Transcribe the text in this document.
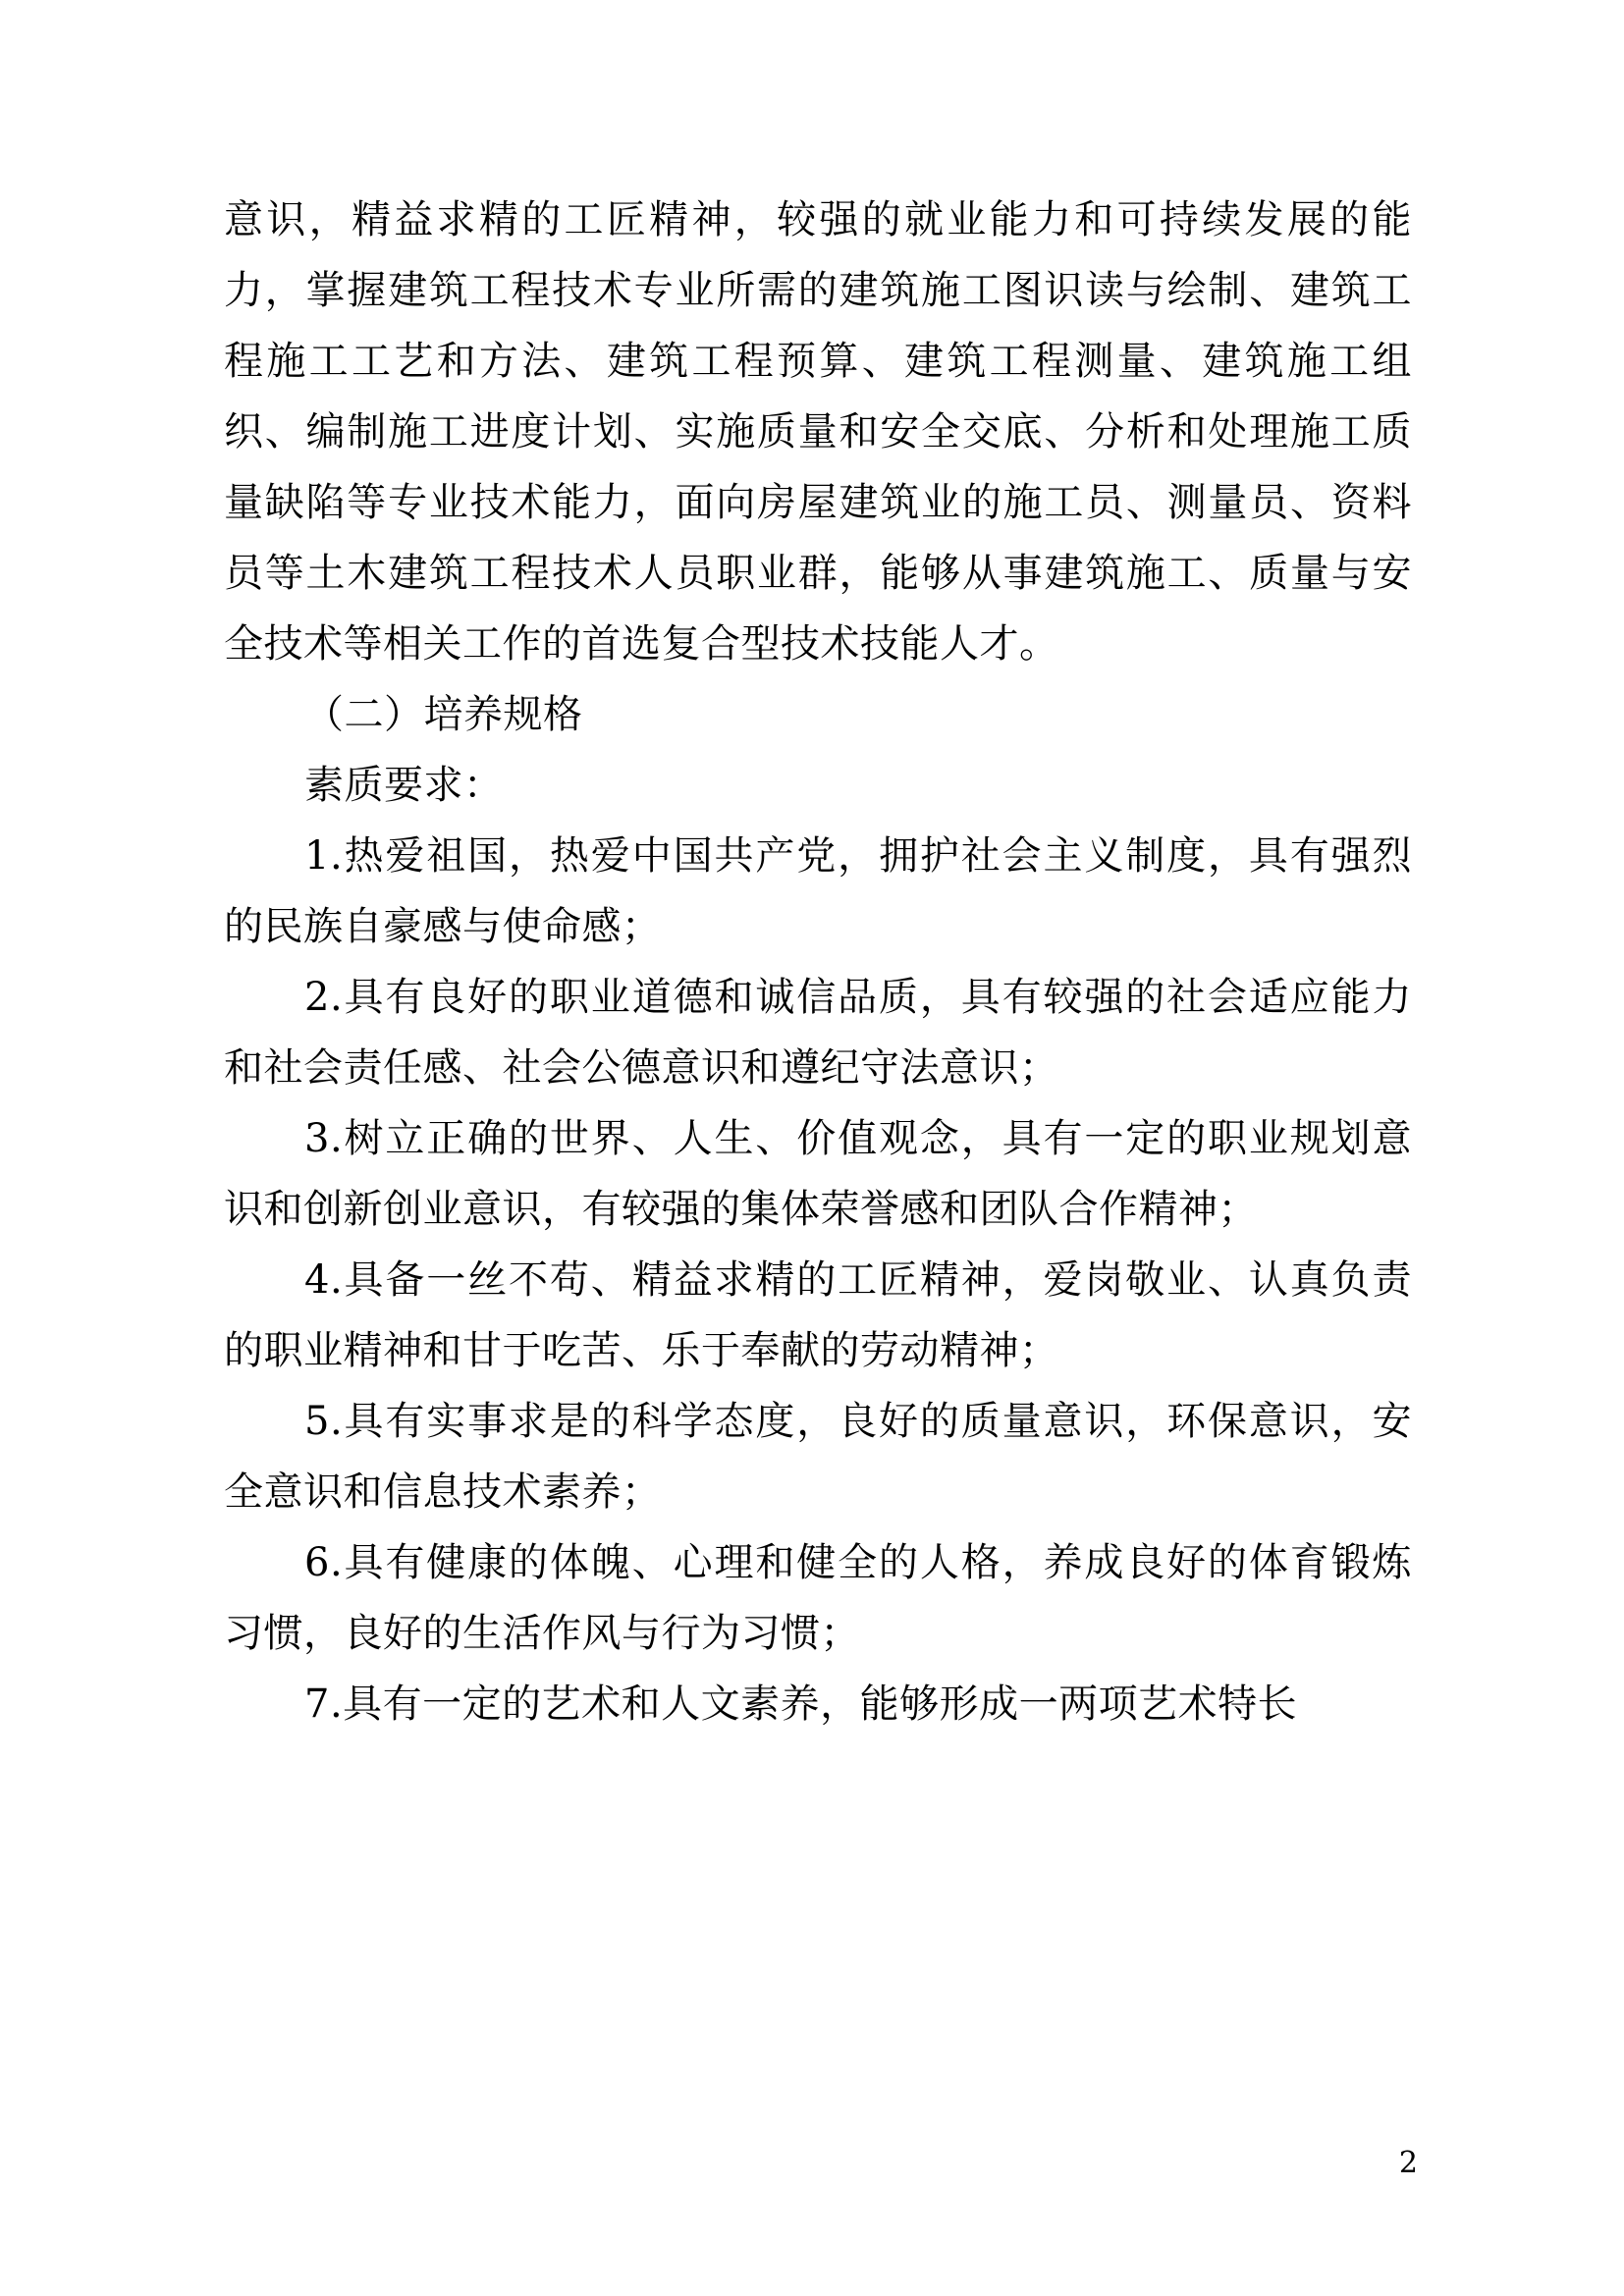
意识，精益求精的工匠精神，较强的就业能力和可持续发展的能力，掌握建筑工程技术专业所需的建筑施工图识读与绘制、建筑工程施工工艺和方法、建筑工程预算、建筑工程测量、建筑施工组织、编制施工进度计划、实施质量和安全交底、分析和处理施工质量缺陷等专业技术能力，面向房屋建筑业的施工员、测量员、资料员等土木建筑工程技术人员职业群，能够从事建筑施工、质量与安全技术等相关工作的首选复合型技术技能人才。

（二）培养规格

素质要求：

1.热爱祖国，热爱中国共产党，拥护社会主义制度，具有强烈的民族自豪感与使命感；

2.具有良好的职业道德和诚信品质，具有较强的社会适应能力和社会责任感、社会公德意识和遵纪守法意识；

3.树立正确的世界、人生、价值观念，具有一定的职业规划意识和创新创业意识，有较强的集体荣誉感和团队合作精神；

4.具备一丝不苟、精益求精的工匠精神，爱岗敬业、认真负责的职业精神和甘于吃苦、乐于奉献的劳动精神；

5.具有实事求是的科学态度，良好的质量意识，环保意识，安全意识和信息技术素养；

6.具有健康的体魄、心理和健全的人格，养成良好的体育锻炼习惯，良好的生活作风与行为习惯；

7.具有一定的艺术和人文素养，能够形成一两项艺术特长

2
